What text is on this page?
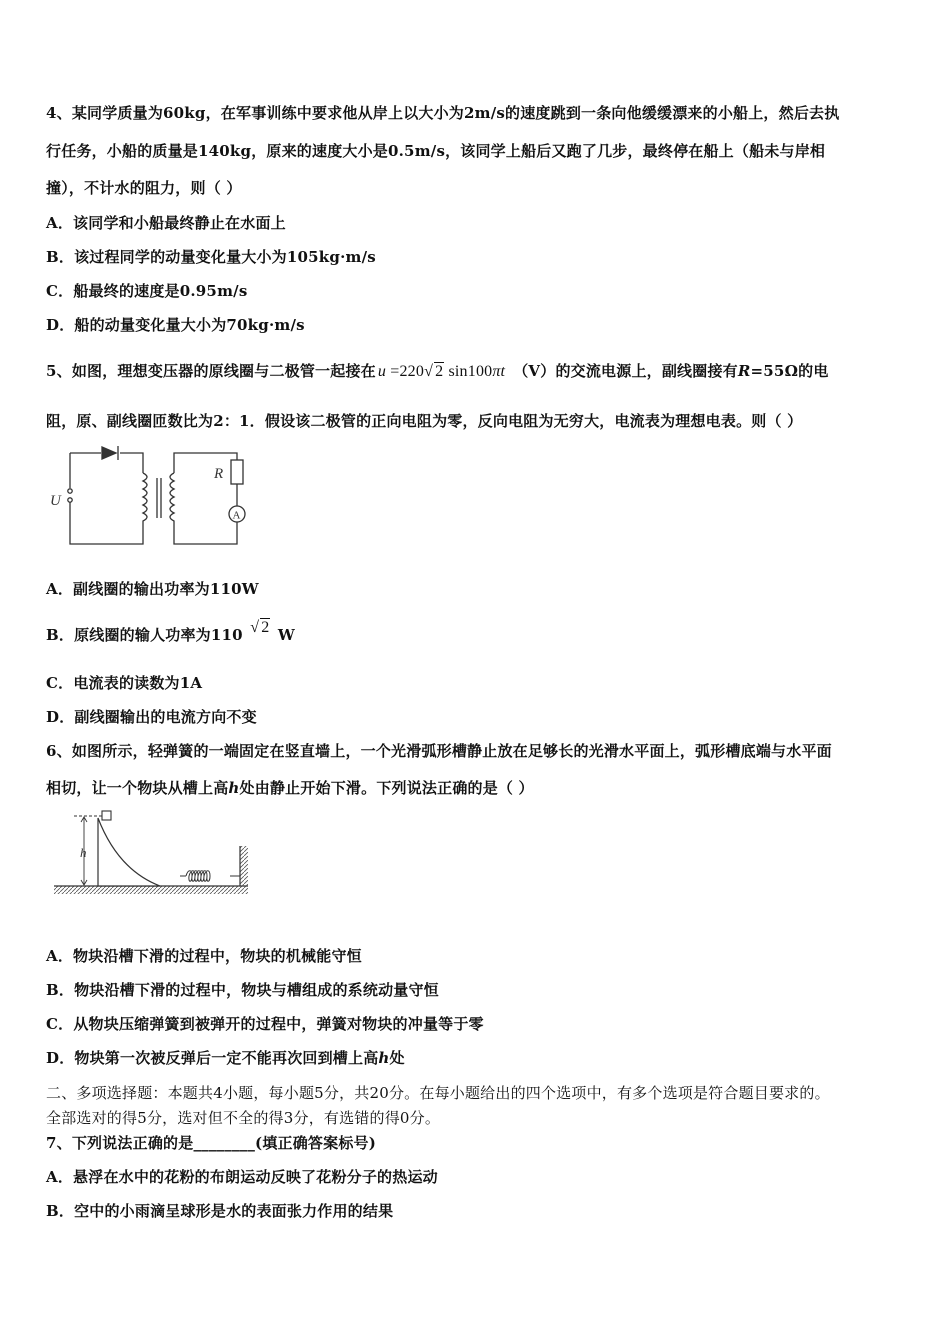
4、某同学质量为60kg，在军事训练中要求他从岸上以大小为2m/s的速度跳到一条向他缓缓漂来的小船上，然后去执
行任务，小船的质量是140kg，原来的速度大小是0.5m/s，该同学上船后又跑了几步，最终停在船上（船未与岸相
撞），不计水的阻力，则（ ）
A．该同学和小船最终静止在水面上
B．该过程同学的动量变化量大小为105kg·m/s
C．船最终的速度是0.95m/s
D．船的动量变化量大小为70kg·m/s
5、如图，理想变压器的原线圈与二极管一起接在 u =220√ 2 sin100πt （V）的交流电源上，副线圈接有R=55Ω的电
阻，原、副线圈匝数比为2：1．假设该二极管的正向电阻为零，反向电阻为无穷大，电流表为理想电表。则（ ）
U
R
A
A．副线圈的输出功率为110W
B．原线圈的输人功率为110 √ 2 W
C．电流表的读数为1A
D．副线圈输出的电流方向不变
6、如图所示，轻弹簧的一端固定在竖直墙上，一个光滑弧形槽静止放在足够长的光滑水平面上，弧形槽底端与水平面
相切，让一个物块从槽上高h处由静止开始下滑。下列说法正确的是（ ）
h
A．物块沿槽下滑的过程中，物块的机械能守恒
B．物块沿槽下滑的过程中，物块与槽组成的系统动量守恒
C．从物块压缩弹簧到被弹开的过程中，弹簧对物块的冲量等于零
D．物块第一次被反弹后一定不能再次回到槽上高h处
二、多项选择题：本题共4小题，每小题5分，共20分。在每小题给出的四个选项中，有多个选项是符合题目要求的。
全部选对的得5分，选对但不全的得3分，有选错的得0分。
7、下列说法正确的是________(填正确答案标号)
A．悬浮在水中的花粉的布朗运动反映了花粉分子的热运动
B．空中的小雨滴呈球形是水的表面张力作用的结果
